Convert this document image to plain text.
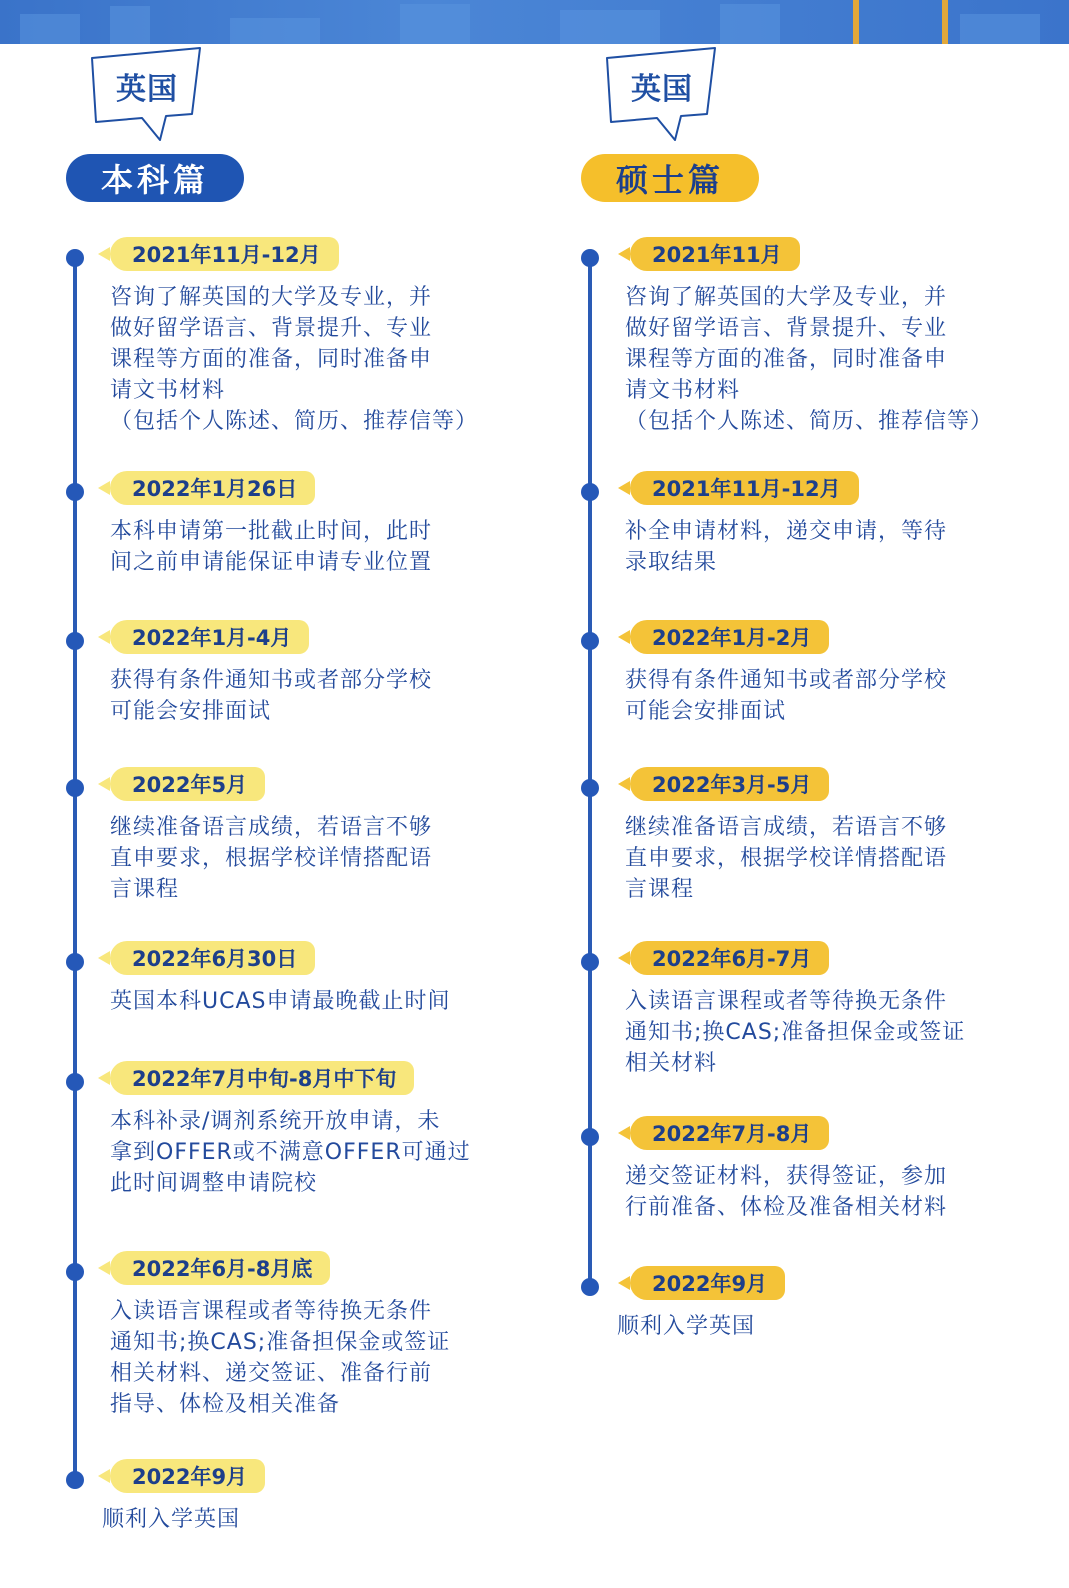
英国
本科篇
英国
硕士篇
2021年11月-12月
咨询了解英国的大学及专业，并
做好留学语言、背景提升、专业
课程等方面的准备，同时准备申
请文书材料
（包括个人陈述、简历、推荐信等）
2022年1月26日
本科申请第一批截止时间，此时
间之前申请能保证申请专业位置
2022年1月-4月
获得有条件通知书或者部分学校
可能会安排面试
2022年5月
继续准备语言成绩，若语言不够
直申要求，根据学校详情搭配语
言课程
2022年6月30日
英国本科UCAS申请最晚截止时间
2022年7月中旬-8月中下旬
本科补录/调剂系统开放申请，未
拿到OFFER或不满意OFFER可通过
此时间调整申请院校
2022年6月-8月底
入读语言课程或者等待换无条件
通知书;换CAS;准备担保金或签证
相关材料、递交签证、准备行前
指导、体检及相关准备
2022年9月
顺利入学英国
2021年11月
咨询了解英国的大学及专业，并
做好留学语言、背景提升、专业
课程等方面的准备，同时准备申
请文书材料
（包括个人陈述、简历、推荐信等）
2021年11月-12月
补全申请材料，递交申请，等待
录取结果
2022年1月-2月
获得有条件通知书或者部分学校
可能会安排面试
2022年3月-5月
继续准备语言成绩，若语言不够
直申要求，根据学校详情搭配语
言课程
2022年6月-7月
入读语言课程或者等待换无条件
通知书;换CAS;准备担保金或签证
相关材料
2022年7月-8月
递交签证材料，获得签证，参加
行前准备、体检及准备相关材料
2022年9月
顺利入学英国
